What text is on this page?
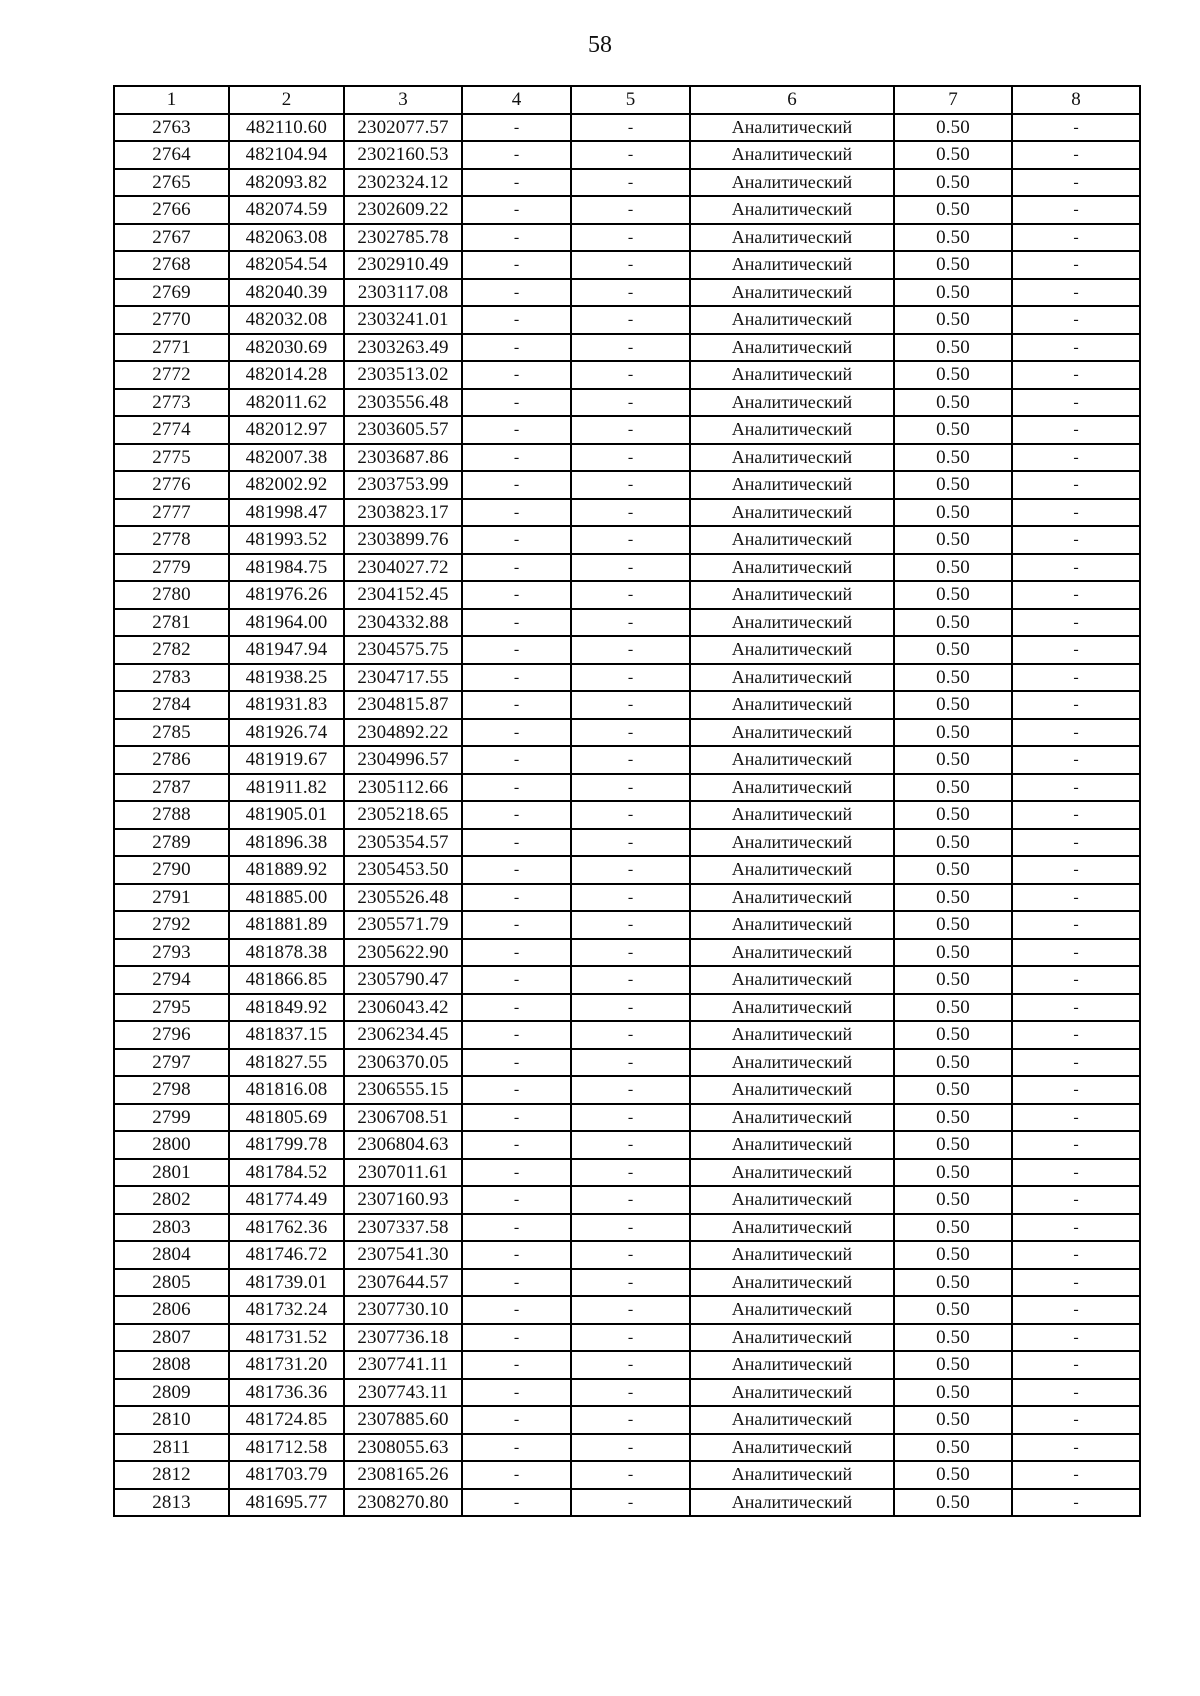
58
1	2	3	4	5	6	7	8
2763	482110.60	2302077.57	-	-	Аналитический	0.50	-
2764	482104.94	2302160.53	-	-	Аналитический	0.50	-
2765	482093.82	2302324.12	-	-	Аналитический	0.50	-
2766	482074.59	2302609.22	-	-	Аналитический	0.50	-
2767	482063.08	2302785.78	-	-	Аналитический	0.50	-
2768	482054.54	2302910.49	-	-	Аналитический	0.50	-
2769	482040.39	2303117.08	-	-	Аналитический	0.50	-
2770	482032.08	2303241.01	-	-	Аналитический	0.50	-
2771	482030.69	2303263.49	-	-	Аналитический	0.50	-
2772	482014.28	2303513.02	-	-	Аналитический	0.50	-
2773	482011.62	2303556.48	-	-	Аналитический	0.50	-
2774	482012.97	2303605.57	-	-	Аналитический	0.50	-
2775	482007.38	2303687.86	-	-	Аналитический	0.50	-
2776	482002.92	2303753.99	-	-	Аналитический	0.50	-
2777	481998.47	2303823.17	-	-	Аналитический	0.50	-
2778	481993.52	2303899.76	-	-	Аналитический	0.50	-
2779	481984.75	2304027.72	-	-	Аналитический	0.50	-
2780	481976.26	2304152.45	-	-	Аналитический	0.50	-
2781	481964.00	2304332.88	-	-	Аналитический	0.50	-
2782	481947.94	2304575.75	-	-	Аналитический	0.50	-
2783	481938.25	2304717.55	-	-	Аналитический	0.50	-
2784	481931.83	2304815.87	-	-	Аналитический	0.50	-
2785	481926.74	2304892.22	-	-	Аналитический	0.50	-
2786	481919.67	2304996.57	-	-	Аналитический	0.50	-
2787	481911.82	2305112.66	-	-	Аналитический	0.50	-
2788	481905.01	2305218.65	-	-	Аналитический	0.50	-
2789	481896.38	2305354.57	-	-	Аналитический	0.50	-
2790	481889.92	2305453.50	-	-	Аналитический	0.50	-
2791	481885.00	2305526.48	-	-	Аналитический	0.50	-
2792	481881.89	2305571.79	-	-	Аналитический	0.50	-
2793	481878.38	2305622.90	-	-	Аналитический	0.50	-
2794	481866.85	2305790.47	-	-	Аналитический	0.50	-
2795	481849.92	2306043.42	-	-	Аналитический	0.50	-
2796	481837.15	2306234.45	-	-	Аналитический	0.50	-
2797	481827.55	2306370.05	-	-	Аналитический	0.50	-
2798	481816.08	2306555.15	-	-	Аналитический	0.50	-
2799	481805.69	2306708.51	-	-	Аналитический	0.50	-
2800	481799.78	2306804.63	-	-	Аналитический	0.50	-
2801	481784.52	2307011.61	-	-	Аналитический	0.50	-
2802	481774.49	2307160.93	-	-	Аналитический	0.50	-
2803	481762.36	2307337.58	-	-	Аналитический	0.50	-
2804	481746.72	2307541.30	-	-	Аналитический	0.50	-
2805	481739.01	2307644.57	-	-	Аналитический	0.50	-
2806	481732.24	2307730.10	-	-	Аналитический	0.50	-
2807	481731.52	2307736.18	-	-	Аналитический	0.50	-
2808	481731.20	2307741.11	-	-	Аналитический	0.50	-
2809	481736.36	2307743.11	-	-	Аналитический	0.50	-
2810	481724.85	2307885.60	-	-	Аналитический	0.50	-
2811	481712.58	2308055.63	-	-	Аналитический	0.50	-
2812	481703.79	2308165.26	-	-	Аналитический	0.50	-
2813	481695.77	2308270.80	-	-	Аналитический	0.50	-
